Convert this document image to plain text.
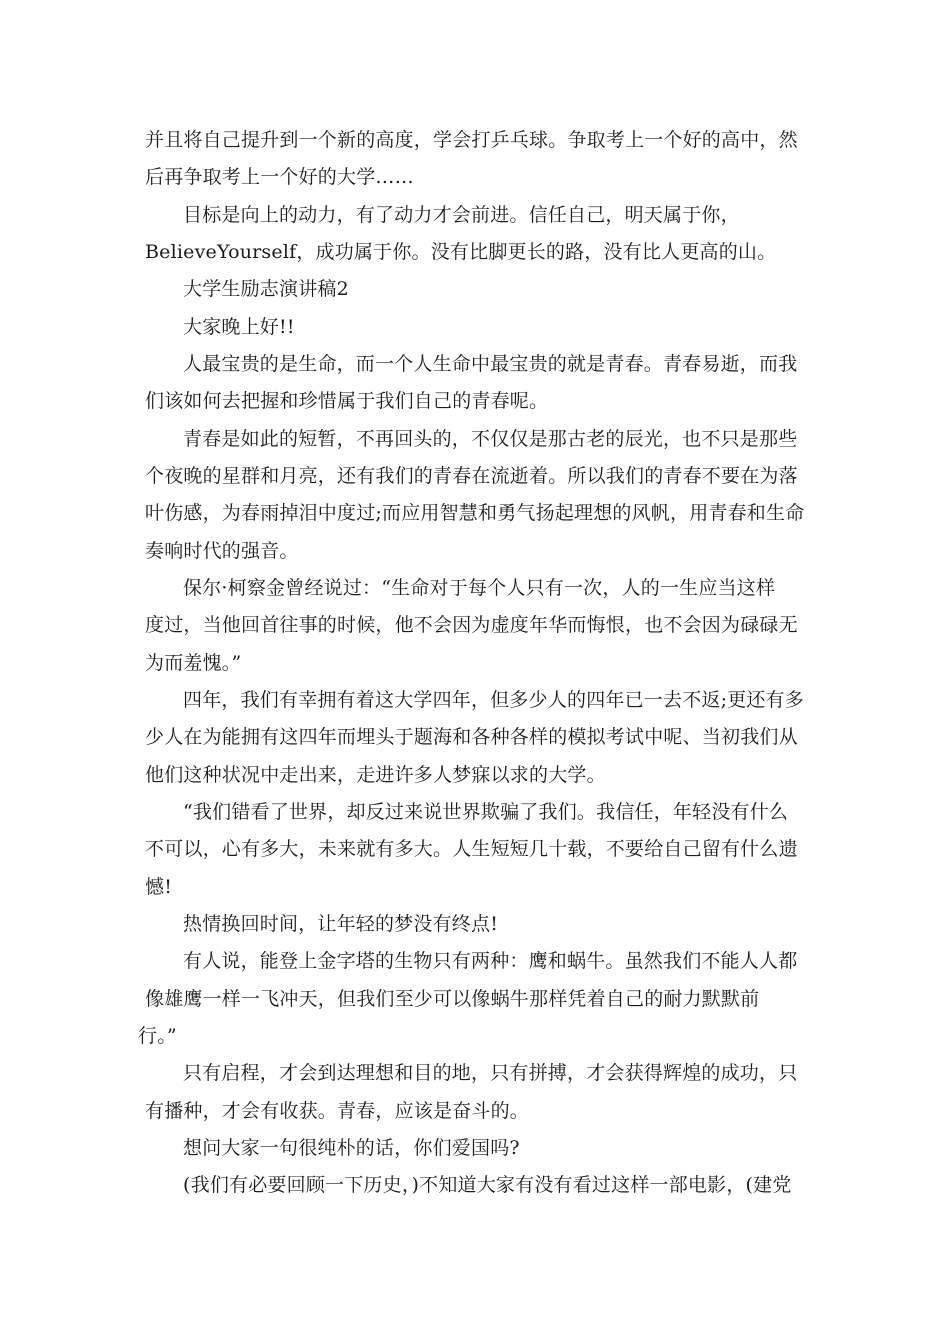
并且将自己提升到一个新的高度，学会打乒乓球。争取考上一个好的高中，然
后再争取考上一个好的大学……
目标是向上的动力，有了动力才会前进。信任自己，明天属于你，
BelieveYourself，成功属于你。没有比脚更长的路，没有比人更高的山。
大学生励志演讲稿2
大家晚上好!!
人最宝贵的是生命，而一个人生命中最宝贵的就是青春。青春易逝，而我
们该如何去把握和珍惜属于我们自己的青春呢。
青春是如此的短暂，不再回头的，不仅仅是那古老的辰光，也不只是那些
个夜晚的星群和月亮，还有我们的青春在流逝着。所以我们的青春不要在为落
叶伤感，为春雨掉泪中度过;而应用智慧和勇气扬起理想的风帆，用青春和生命
奏响时代的强音。
保尔·柯察金曾经说过：“生命对于每个人只有一次，人的一生应当这样
度过，当他回首往事的时候，他不会因为虚度年华而悔恨，也不会因为碌碌无
为而羞愧。”
四年，我们有幸拥有着这大学四年，但多少人的四年已一去不返;更还有多
少人在为能拥有这四年而埋头于题海和各种各样的模拟考试中呢、当初我们从
他们这种状况中走出来，走进许多人梦寐以求的大学。
“我们错看了世界，却反过来说世界欺骗了我们。我信任，年轻没有什么
不可以，心有多大，未来就有多大。人生短短几十载，不要给自己留有什么遗
憾!
热情换回时间，让年轻的梦没有终点!
有人说，能登上金字塔的生物只有两种：鹰和蜗牛。虽然我们不能人人都
像雄鹰一样一飞冲天，但我们至少可以像蜗牛那样凭着自己的耐力默默前
行。”
只有启程，才会到达理想和目的地，只有拼搏，才会获得辉煌的成功，只
有播种，才会有收获。青春，应该是奋斗的。
想问大家一句很纯朴的话，你们爱国吗?
(我们有必要回顾一下历史，)不知道大家有没有看过这样一部电影，(建党
